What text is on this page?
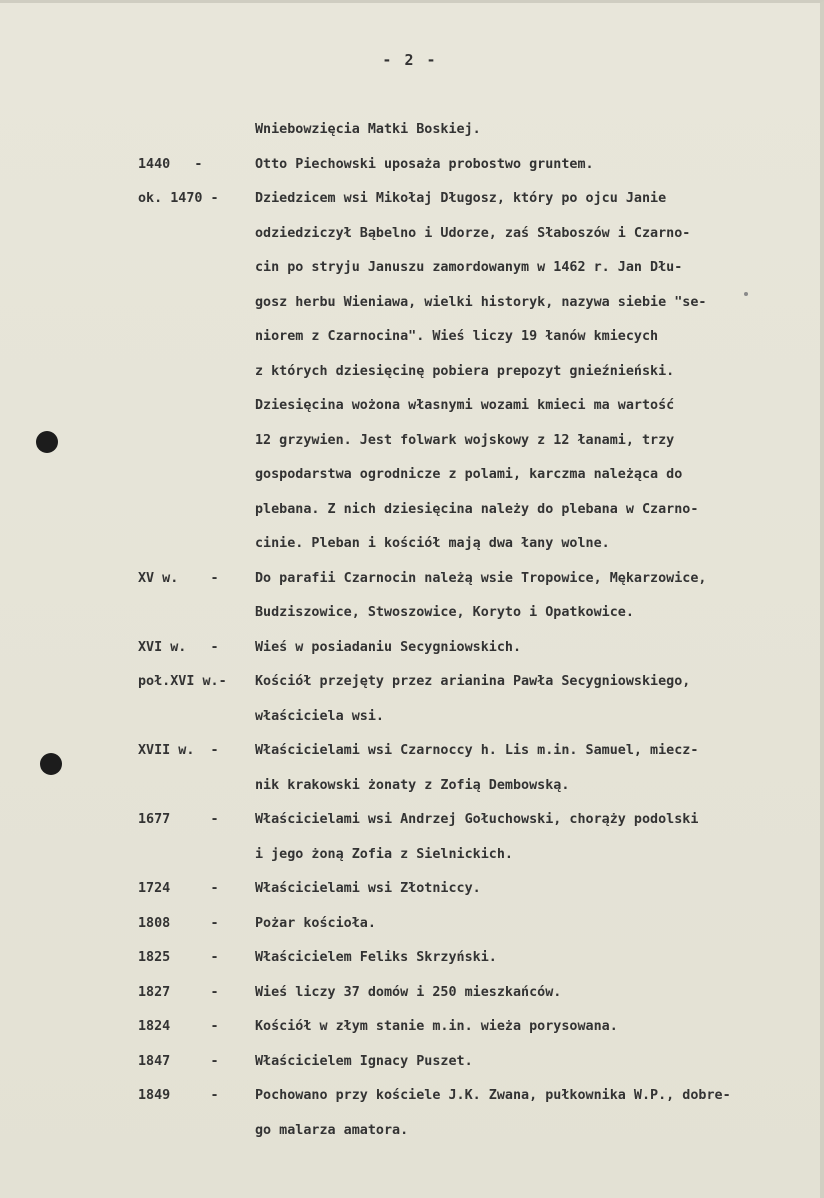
- 2 -
Wniebowzięcia Matki Boskiej.
1440   -	Otto Piechowski uposaża probostwo gruntem.
ok. 1470 -	Dziedzicem wsi Mikołaj Długosz, który po ojcu Janie
odziedziczył Bąbelno i Udorze, zaś Słaboszów i Czarno-
cin po stryju Januszu zamordowanym w 1462 r. Jan Dłu-
gosz herbu Wieniawa, wielki historyk, nazywa siebie "se-
niorem z Czarnocina". Wieś liczy 19 łanów kmiecych
z których dziesięcinę pobiera prepozyt gnieźnieński.
Dziesięcina wożona własnymi wozami kmieci ma wartość
12 grzywien. Jest folwark wojskowy z 12 łanami, trzy
gospodarstwa ogrodnicze z polami, karczma należąca do
plebana. Z nich dziesięcina należy do plebana w Czarno-
cinie. Pleban i kościół mają dwa łany wolne.
XV w.    -	Do parafii Czarnocin należą wsie Tropowice, Mękarzowice,
Budziszowice, Stwoszowice, Koryto i Opatkowice.
XVI w.   -	Wieś w posiadaniu Secygniowskich.
poł.XVI w.-	Kościół przejęty przez arianina Pawła Secygniowskiego,
właściciela wsi.
XVII w.  -	Właścicielami wsi Czarnoccy h. Lis m.in. Samuel, miecz-
nik krakowski żonaty z Zofią Dembowską.
1677     -	Właścicielami wsi Andrzej Gołuchowski, chorąży podolski
i jego żoną Zofia z Sielnickich.
1724     -	Właścicielami wsi Złotniccy.
1808     -	Pożar kościoła.
1825     -	Właścicielem Feliks Skrzyński.
1827     -	Wieś liczy 37 domów i 250 mieszkańców.
1824     -	Kościół w złym stanie m.in. wieża porysowana.
1847     -	Właścicielem Ignacy Puszet.
1849     -	Pochowano przy kościele J.K. Zwana, pułkownika W.P., dobre-
go malarza amatora.
